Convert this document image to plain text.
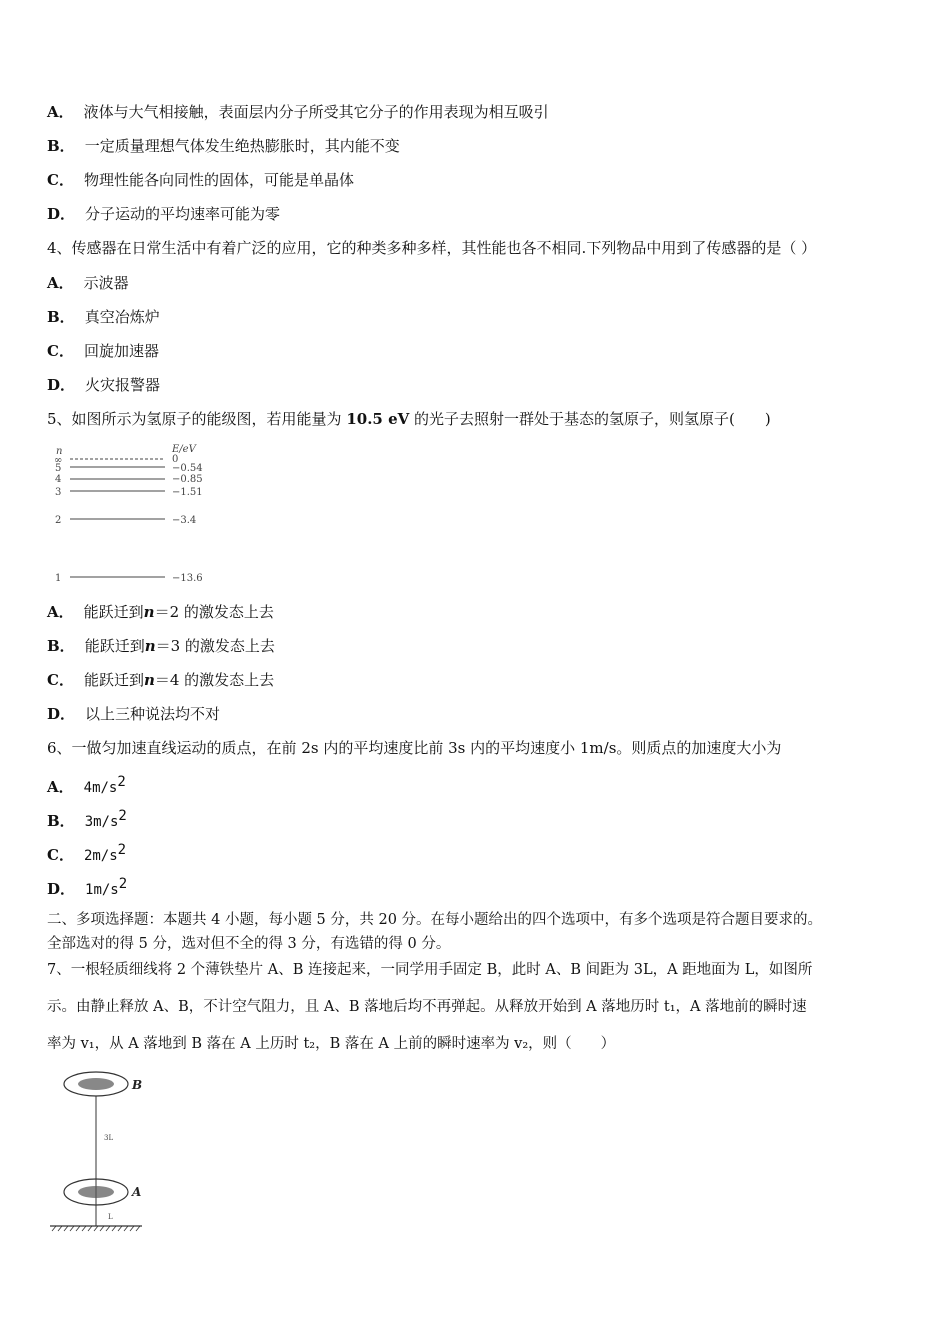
A． 液体与大气相接触，表面层内分子所受其它分子的作用表现为相互吸引
B． 一定质量理想气体发生绝热膨胀时，其内能不变
C． 物理性能各向同性的固体，可能是单晶体
D． 分子运动的平均速率可能为零
4、传感器在日常生活中有着广泛的应用，它的种类多种多样，其性能也各不相同.下列物品中用到了传感器的是（ ）
A． 示波器
B． 真空冶炼炉
C． 回旋加速器
D． 火灾报警器
5、如图所示为氢原子的能级图，若用能量为 10.5 eV 的光子去照射一群处于基态的氢原子，则氢原子(　　)
n	E/eV
∞
5
4
3
2
1
0
−0.54
−0.85
−1.51
−3.4
−13.6
A． 能跃迁到n＝2 的激发态上去
B． 能跃迁到n＝3 的激发态上去
C． 能跃迁到n＝4 的激发态上去
D． 以上三种说法均不对
6、一做匀加速直线运动的质点，在前 2s 内的平均速度比前 3s 内的平均速度小 1m/s。则质点的加速度大小为
A． $4m/s^2$
B． $3m/s^2$
C． $2m/s^2$
D． $1m/s^2$
二、多项选择题：本题共 4 小题，每小题 5 分，共 20 分。在每小题给出的四个选项中，有多个选项是符合题目要求的。
全部选对的得 5 分，选对但不全的得 3 分，有选错的得 0 分。
7、一根轻质细线将 2 个薄铁垫片 A、B 连接起来，一同学用手固定 B，此时 A、B 间距为 3L，A 距地面为 L，如图所
示。由静止释放 A、B，不计空气阻力，且 A、B 落地后均不再弹起。从释放开始到 A 落地历时 t₁，A 落地前的瞬时速
率为 v₁，从 A 落地到 B 落在 A 上历时 t₂，B 落在 A 上前的瞬时速率为 v₂，则（　　）
B
3L
A
L
